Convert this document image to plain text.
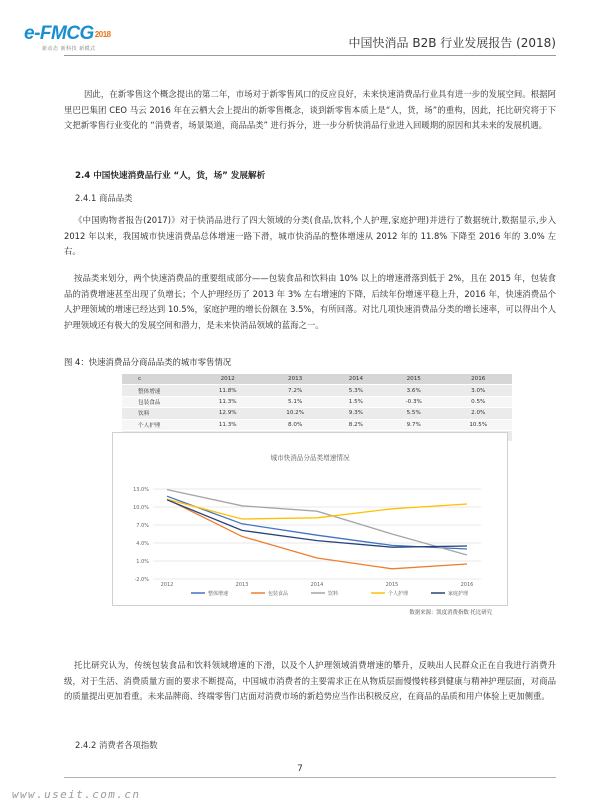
e-FMCG2018
新动态 新科技 新模式	中国快消品 B2B 行业发展报告 (2018)

因此，在新零售这个概念提出的第二年，市场对于新零售风口的反应良好，未来快速消费品行业具有进一步的发展空间。根据阿里巴巴集团 CEO 马云 2016 年在云栖大会上提出的新零售概念，谈到新零售本质上是“人，货，场”的重构，因此，托比研究将于下文把新零售行业变化的 “消费者，场景渠道，商品品类” 进行拆分，进一步分析快消品行业进入回暖期的原因和其未来的发展机遇。

2.4 中国快速消费品行业 “人，货，场” 发展解析
2.4.1 商品品类

《中国购物者报告(2017)》对于快消品进行了四大领域的分类(食品,饮料,个人护理,家庭护理)并进行了数据统计,数据显示,步入 2012 年以来，我国城市快速消费品总体增速一路下滑，城市快消品的整体增速从 2012 年的 11.8% 下降至 2016 年的 3.0% 左右。

按品类来划分，两个快速消费品的重要组成部分——包装食品和饮料由 10% 以上的增速滑落到低于 2%，且在 2015 年，包装食品的消费增速甚至出现了负增长；个人护理经历了 2013 年 3% 左右增速的下降，后续年份增速平稳上升，2016 年，快速消费品个人护理领域的增速已经达到 10.5%，家庭护理的增长份额在 3.5%，有所回落。对比几项快速消费品分类的增长速率，可以得出个人护理领域还有极大的发展空间和潜力，是未来快消品领域的蓝海之一。

图 4：快速消费品分商品品类的城市零售情况
c	2012	2013	2014	2015	2016
整体增速	11.8%	7.2%	5.3%	3.6%	3.0%
包装食品	11.3%	5.1%	1.5%	-0.3%	0.5%
饮料	12.9%	10.2%	9.3%	5.5%	2.0%
个人护理	11.3%	8.0%	8.2%	9.7%	10.5%

城市快消品分品类增速情况
13.0%
10.0%
7.0%
4.0%
1.0%
-2.0%
2012	2013	2014	2015	2016
整体增速	包装食品	饮料	个人护理	家庭护理
数据来源：凯度消费指数 托比研究

托比研究认为，传统包装食品和饮料领域增速的下滑，以及个人护理领域消费增速的攀升，反映出人民群众正在自我进行消费升级，对于生活、消费质量方面的要求不断提高，中国城市消费者的主要需求正在从物质层面慢慢转移到健康与精神护理层面，对商品的质量提出更加看重。未来品牌商、终端零售门店面对消费市场的新趋势应当作出积极反应，在商品的品质和用户体验上更加侧重。

2.4.2 消费者各项指数
7
www.useit.com.cn
